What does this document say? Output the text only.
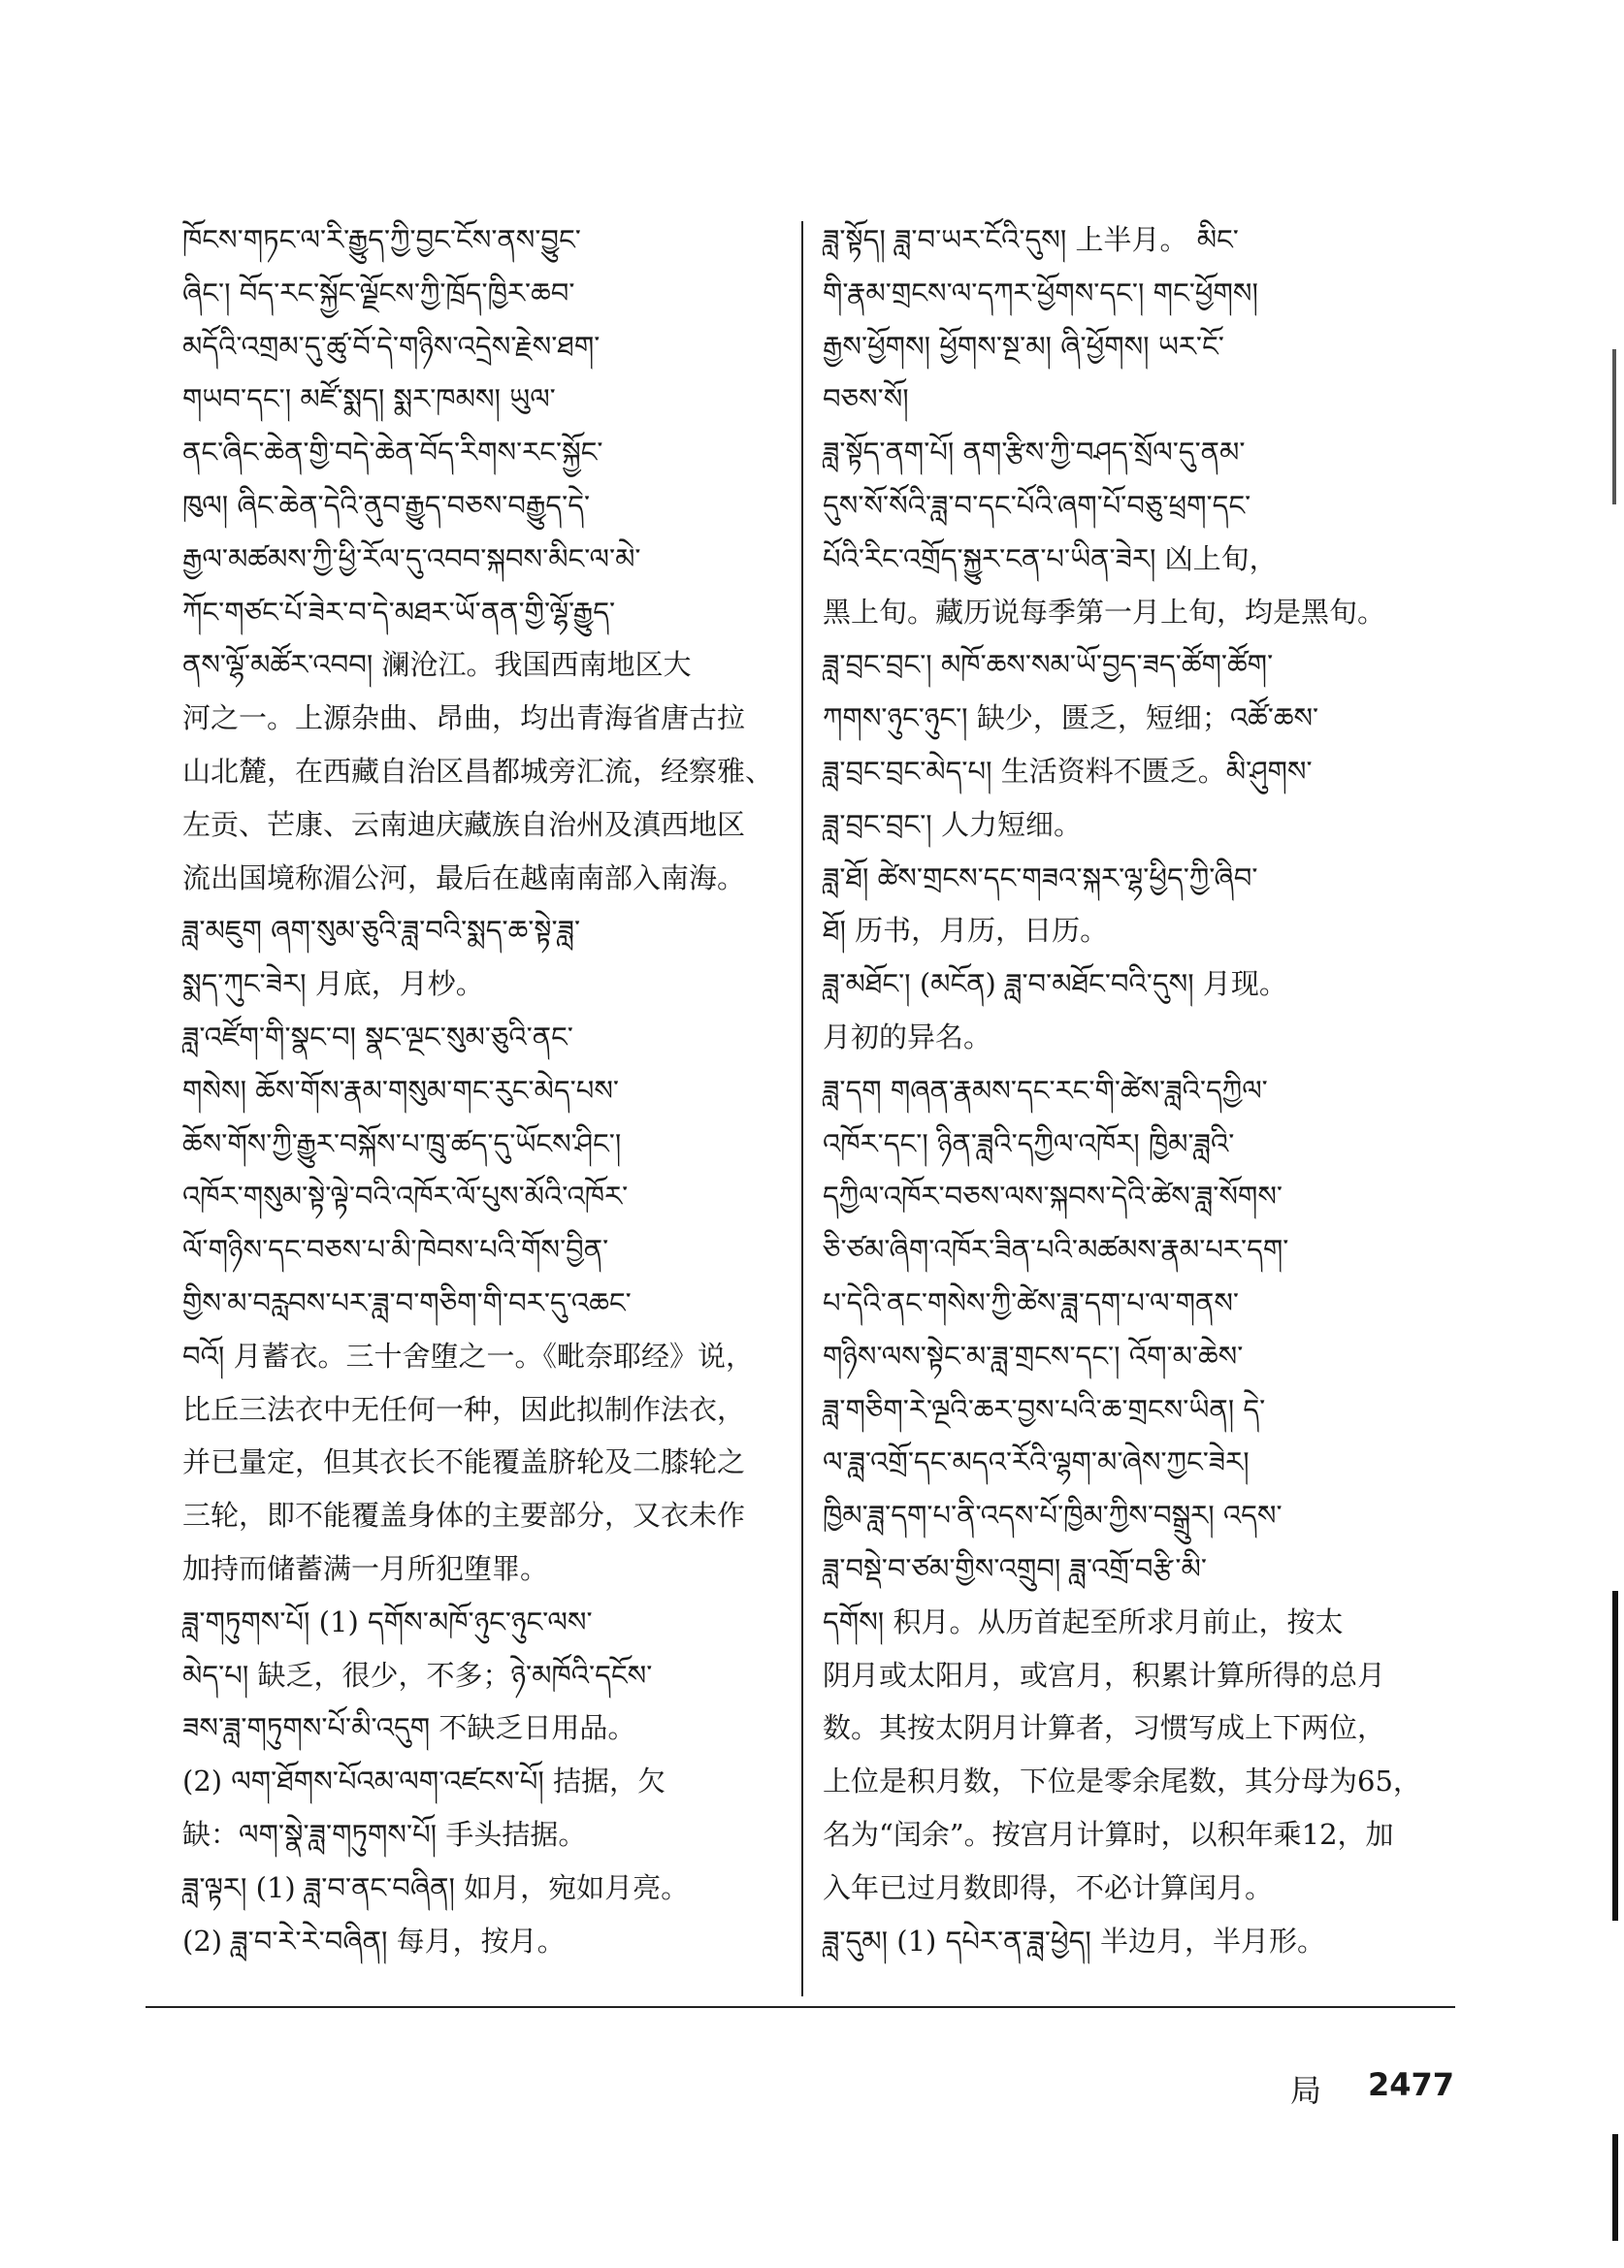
ཁོངས་གཏང་ལ་རི་རྒྱུད་ཀྱི་བྱང་ངོས་ནས་བྱུང་
ཞིང་། བོད་རང་སྐྱོང་ལྗོངས་ཀྱི་ཁྲོད་ཁྱིར་ཆབ་
མདོའི་འགྲམ་དུ་ཚུ་བོ་དེ་གཉིས་འདྲེས་རྗེས་ཐག་
གཡབ་དང་། མཛོ་སྨད། སྨར་ཁམས། ཡུལ་
ནང་ཞིང་ཆེན་གྱི་བདེ་ཆེན་བོད་རིགས་རང་སྐྱོང་
ཁུལ། ཞིང་ཆེན་དེའི་ནུབ་རྒྱུད་བཅས་བརྒྱུད་དེ་
རྒྱལ་མཚམས་ཀྱི་ཕྱི་རོལ་དུ་འབབ་སྐབས་མིང་ལ་མེ་
ཀོང་གཙང་པོ་ཟེར་བ་དེ་མཐར་ཡོ་ནན་གྱི་ལྷོ་རྒྱུད་
ནས་ལྷོ་མཚོར་འབབ། 澜沧江。我国西南地区大
河之一。上源杂曲、昂曲，均出青海省唐古拉
山北麓，在西藏自治区昌都城旁汇流，经察雅、
左贡、芒康、云南迪庆藏族自治州及滇西地区
流出国境称湄公河，最后在越南南部入南海。
ཟླ་མཇུག ཞག་སུམ་ཅུའི་ཟླ་བའི་སྨད་ཆ་སྟེ་ཟླ་
སྨད་ཀུང་ཟེར། 月底，月杪。
ཟླ་འཛོག་གི་སྣང་བ། སྣང་ལྔང་སུམ་ཅུའི་ནང་
གསེས། ཆོས་གོས་རྣམ་གསུམ་གང་རུང་མེད་པས་
ཆོས་གོས་ཀྱི་རྒྱུར་བསྐོས་པ་ཁྲུ་ཚད་དུ་ཡོངས་ཤིང་།
འཁོར་གསུམ་སྟེ་ལྟེ་བའི་འཁོར་ལོ་པུས་མོའི་འཁོར་
ལོ་གཉིས་དང་བཅས་པ་མི་ཁེབས་པའི་གོས་བྱིན་
གྱིས་མ་བརླབས་པར་ཟླ་བ་གཅིག་གི་བར་དུ་འཆང་
བའོ། 月蓄衣。三十舍堕之一。《毗奈耶经》说，
比丘三法衣中无任何一种，因此拟制作法衣，
并已量定，但其衣长不能覆盖脐轮及二膝轮之
三轮，即不能覆盖身体的主要部分，又衣未作
加持而储蓄满一月所犯堕罪。
ཟླ་གཏུགས་པོ། (1) དགོས་མཁོ་ཉུང་ཉུང་ལས་
མེད་པ། 缺乏，很少，不多；ཉེ་མཁོའི་དངོས་
ཟས་ཟླ་གཏུགས་པོ་མི་འདུག 不缺乏日用品。
(2) ལག་ཐོགས་པོའམ་ལག་འཛངས་པོ། 拮据，欠
缺：ལག་སྣེ་ཟླ་གཏུགས་པོ། 手头拮据。
ཟླ་ལྟར། (1) ཟླ་བ་ནང་བཞིན། 如月，宛如月亮。
(2) ཟླ་བ་རེ་རེ་བཞིན། 每月，按月。
ཟླ་སྟོད། ཟླ་བ་ཡར་ངོའི་དུས། 上半月。 མིང་
གི་རྣམ་གྲངས་ལ་དཀར་ཕྱོགས་དང་། གང་ཕྱོགས།
རྒྱས་ཕྱོགས། ཕྱོགས་སྔ་མ། ཞི་ཕྱོགས། ཡར་ངོ་
བཅས་སོ།
ཟླ་སྟོད་ནག་པོ། ནག་རྩིས་ཀྱི་བཤད་སྲོལ་དུ་ནམ་
དུས་སོ་སོའི་ཟླ་བ་དང་པོའི་ཞག་པོ་བཅུ་ཕྲག་དང་
པོའི་རིང་འགྲོད་སྐྱུར་ངན་པ་ཡིན་ཟེར། 凶上旬，
黑上旬。藏历说每季第一月上旬，均是黑旬。
ཟླ་བྲང་བྲང་། མཁོ་ཆས་སམ་ཡོ་བྱད་ཟད་ཚོག་ཚོག་
ཀགས་ཉུང་ཉུང་། 缺少，匮乏，短细；འཚོ་ཆས་
ཟླ་བྲང་བྲང་མེད་པ། 生活资料不匮乏。མི་ཤུགས་
ཟླ་བྲང་བྲང་། 人力短细。
ཟླ་ཐོ། ཚེས་གྲངས་དང་གཟའ་སྐར་ལྷ་ཕྱིད་ཀྱི་ཞིབ་
ཐོ། 历书，月历，日历。
ཟླ་མཐོང་། (མངོན) ཟླ་བ་མཐོང་བའི་དུས། 月现。
月初的异名。
ཟླ་དག གཞན་རྣམས་དང་རང་གི་ཚེས་ཟླའི་དཀྱིལ་
འཁོར་དང་། ཉིན་ཟླའི་དཀྱིལ་འཁོར། ཁྱིམ་ཟླའི་
དཀྱིལ་འཁོར་བཅས་ལས་སྐབས་དེའི་ཚེས་ཟླ་སོགས་
ཅི་ཙམ་ཞིག་འཁོར་ཟིན་པའི་མཚམས་རྣམ་པར་དག་
པ་དེའི་ནང་གསེས་ཀྱི་ཚེས་ཟླ་དག་པ་ལ་གནས་
གཉིས་ལས་སྟེང་མ་ཟླ་གྲངས་དང་། འོག་མ་ཆེས་
ཟླ་གཅིག་རེ་ལྔའི་ཆར་བྱས་པའི་ཆ་གྲངས་ཡིན། དེ་
ལ་ཟླ་འགྲོ་དང་མདའ་རོའི་ལྷག་མ་ཞེས་ཀྱང་ཟེར།
ཁྱིམ་ཟླ་དག་པ་ནི་འདས་པོ་ཁྱིམ་ཀྱིས་བསྒྲུར། འདས་
ཟླ་བསྡེ་བ་ཙམ་གྱིས་འགྲུབ། ཟླ་འགྲོ་བརྩི་མི་
དགོས། 积月。从历首起至所求月前止，按太
阴月或太阳月，或宫月，积累计算所得的总月
数。其按太阴月计算者，习惯写成上下两位，
上位是积月数，下位是零余尾数，其分母为65，
名为“闰余”。按宫月计算时，以积年乘12，加
入年已过月数即得，不必计算闰月。
ཟླ་དུམ། (1) དཔེར་ན་ཟླ་ཕྱེད། 半边月，半月形。
局 2477
